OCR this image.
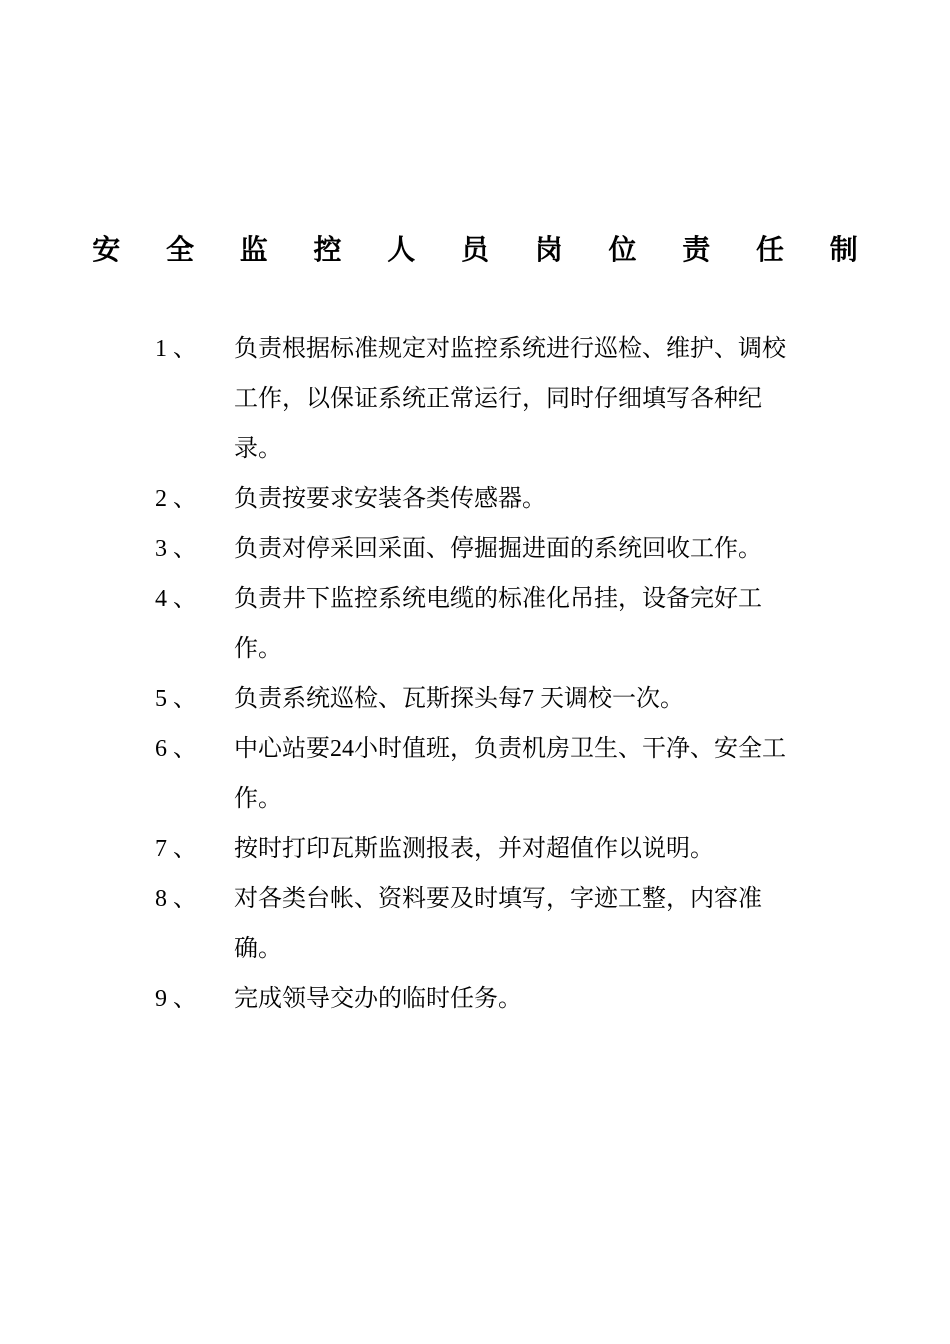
安 全 监 控 人 员 岗 位 责 任 制
1 、	负责根据标准规定对监控系统进行巡检、维护、调校工作，以保证系统正常运行，同时仔细填写各种纪录。
2 、	负责按要求安装各类传感器。
3 、	负责对停采回采面、停掘掘进面的系统回收工作。
4 、	负责井下监控系统电缆的标准化吊挂，设备完好工作。
5 、	负责系统巡检、瓦斯探头每7 天调校一次。
6 、	中心站要24小时值班，负责机房卫生、干净、安全工作。
7 、	按时打印瓦斯监测报表，并对超值作以说明。
8 、	对各类台帐、资料要及时填写，字迹工整，内容准确。
9 、	完成领导交办的临时任务。
